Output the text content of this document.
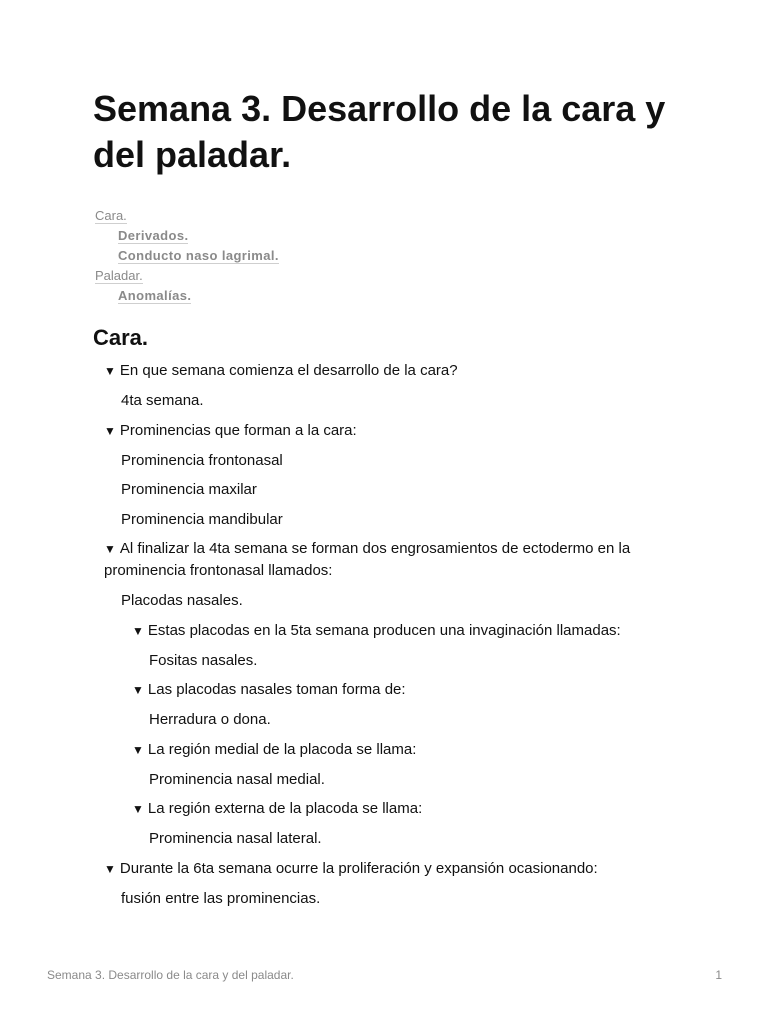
Semana 3. Desarrollo de la cara y del paladar.
Cara.
Derivados.
Conducto naso lagrimal.
Paladar.
Anomalías.
Cara.
▼ En que semana comienza el desarrollo de la cara?
4ta semana.
▼ Prominencias que forman a la cara:
Prominencia frontonasal
Prominencia maxilar
Prominencia mandibular
▼ Al finalizar la 4ta semana se forman dos engrosamientos de ectodermo en la prominencia frontonasal llamados:
Placodas nasales.
▼ Estas placodas en la 5ta semana producen una invaginación llamadas:
Fositas nasales.
▼ Las placodas nasales toman forma de:
Herradura o dona.
▼ La región medial de la placoda se llama:
Prominencia nasal medial.
▼ La región externa de la placoda se llama:
Prominencia nasal lateral.
▼ Durante la 6ta semana ocurre la proliferación y expansión ocasionando:
fusión entre las prominencias.
Semana 3. Desarrollo de la cara y del paladar.	1
